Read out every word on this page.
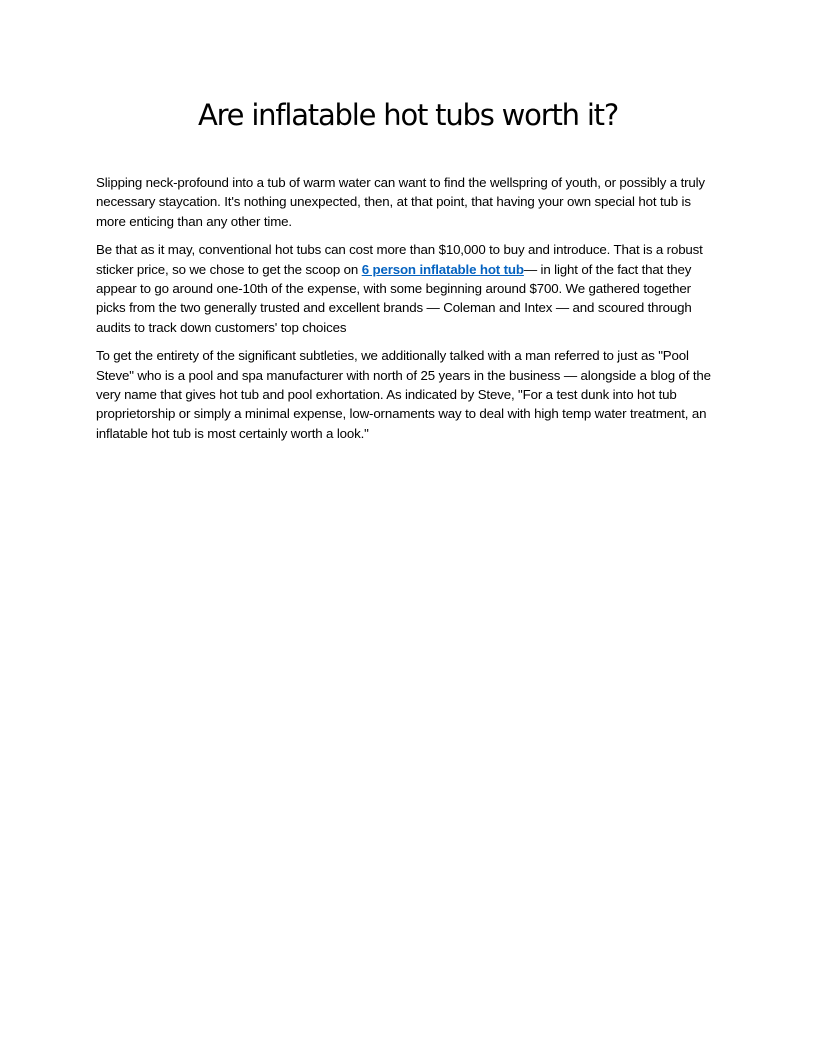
Are inflatable hot tubs worth it?

Slipping neck-profound into a tub of warm water can want to find the wellspring of youth, or possibly a truly necessary staycation. It's nothing unexpected, then, at that point, that having your own special hot tub is more enticing than any other time.

Be that as it may, conventional hot tubs can cost more than $10,000 to buy and introduce. That is a robust sticker price, so we chose to get the scoop on 6 person inflatable hot tub— in light of the fact that they appear to go around one-10th of the expense, with some beginning around $700. We gathered together picks from the two generally trusted and excellent brands — Coleman and Intex — and scoured through audits to track down customers' top choices

To get the entirety of the significant subtleties, we additionally talked with a man referred to just as "Pool Steve" who is a pool and spa manufacturer with north of 25 years in the business — alongside a blog of the very name that gives hot tub and pool exhortation. As indicated by Steve, "For a test dunk into hot tub proprietorship or simply a minimal expense, low-ornaments way to deal with high temp water treatment, an inflatable hot tub is most certainly worth a look."
